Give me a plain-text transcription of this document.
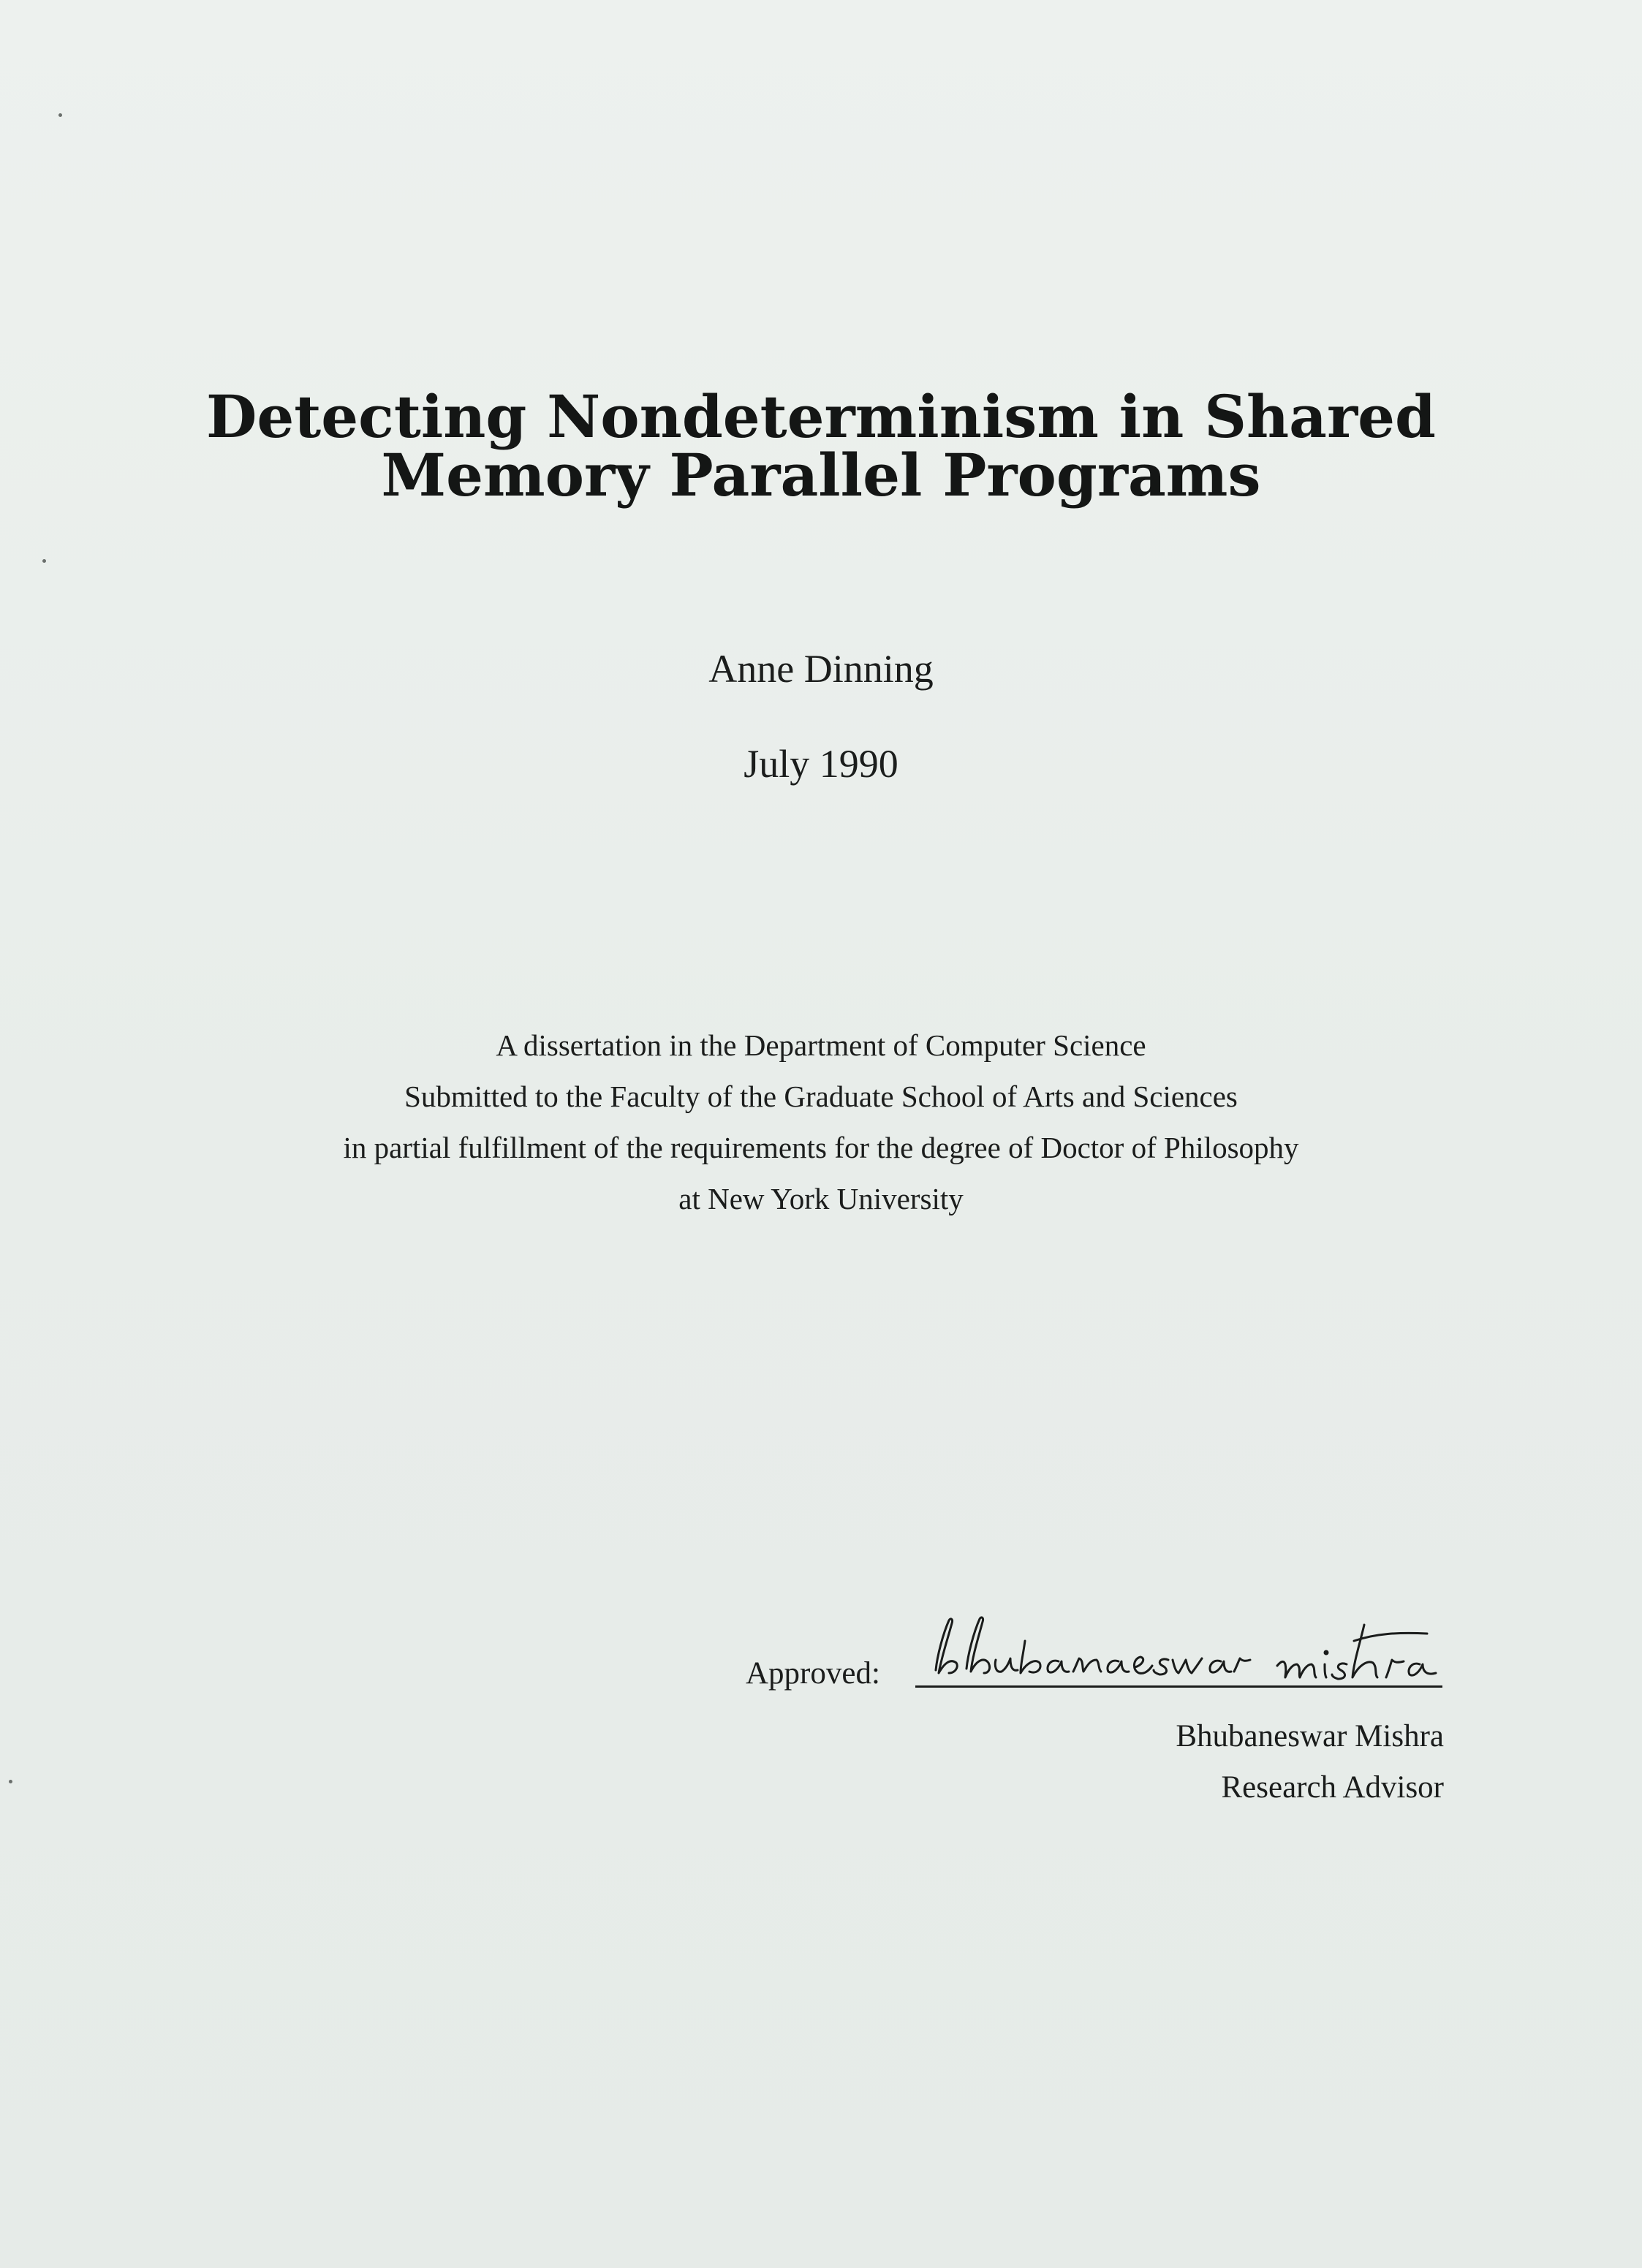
Detecting Nondeterminism in Shared
Memory Parallel Programs
Anne Dinning
July 1990
A dissertation in the Department of Computer Science
Submitted to the Faculty of the Graduate School of Arts and Sciences
in partial fulfillment of the requirements for the degree of Doctor of Philosophy
at New York University
Approved:
Bhubaneswar Mishra
Research Advisor
